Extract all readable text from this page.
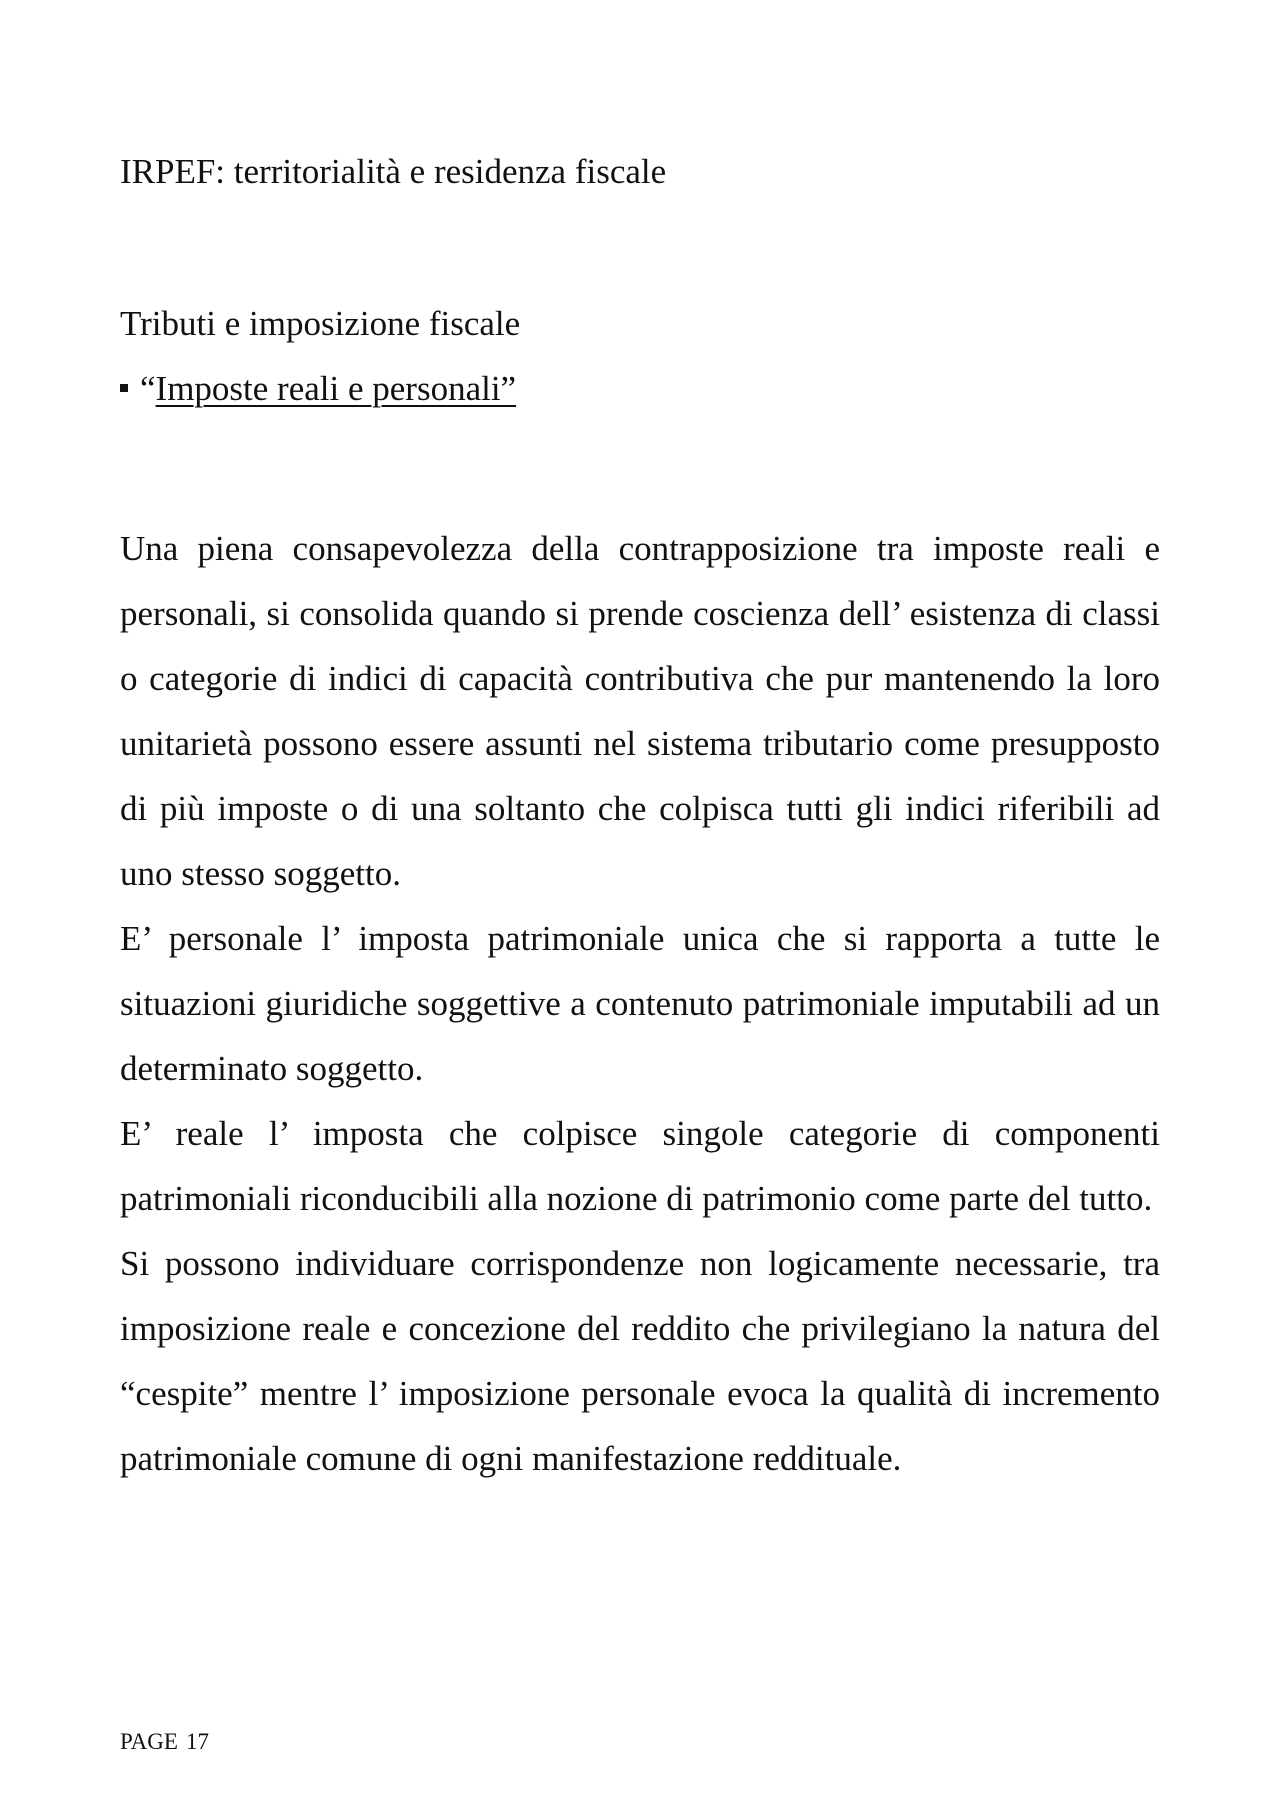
IRPEF: territorialità e residenza fiscale
Tributi e imposizione fiscale
“Imposte reali e personali”

Una piena consapevolezza della contrapposizione tra imposte reali e personali, si consolida quando si prende coscienza dell’ esistenza di classi o categorie di indici di capacità contributiva che pur mantenendo la loro unitarietà possono essere assunti nel sistema tributario come presupposto di più imposte o di una soltanto che colpisca tutti gli indici riferibili ad uno stesso soggetto.

E’ personale l’ imposta patrimoniale unica che si rapporta a tutte le situazioni giuridiche soggettive a contenuto patrimoniale imputabili ad un determinato soggetto.

E’ reale l’ imposta che colpisce singole categorie di componenti patrimoniali riconducibili alla nozione di patrimonio come parte del tutto.

Si possono individuare corrispondenze non logicamente necessarie, tra imposizione reale e concezione del reddito che privilegiano la natura del “cespite” mentre l’ imposizione personale evoca la qualità di incremento patrimoniale comune di ogni manifestazione reddituale.

PAGE 17
